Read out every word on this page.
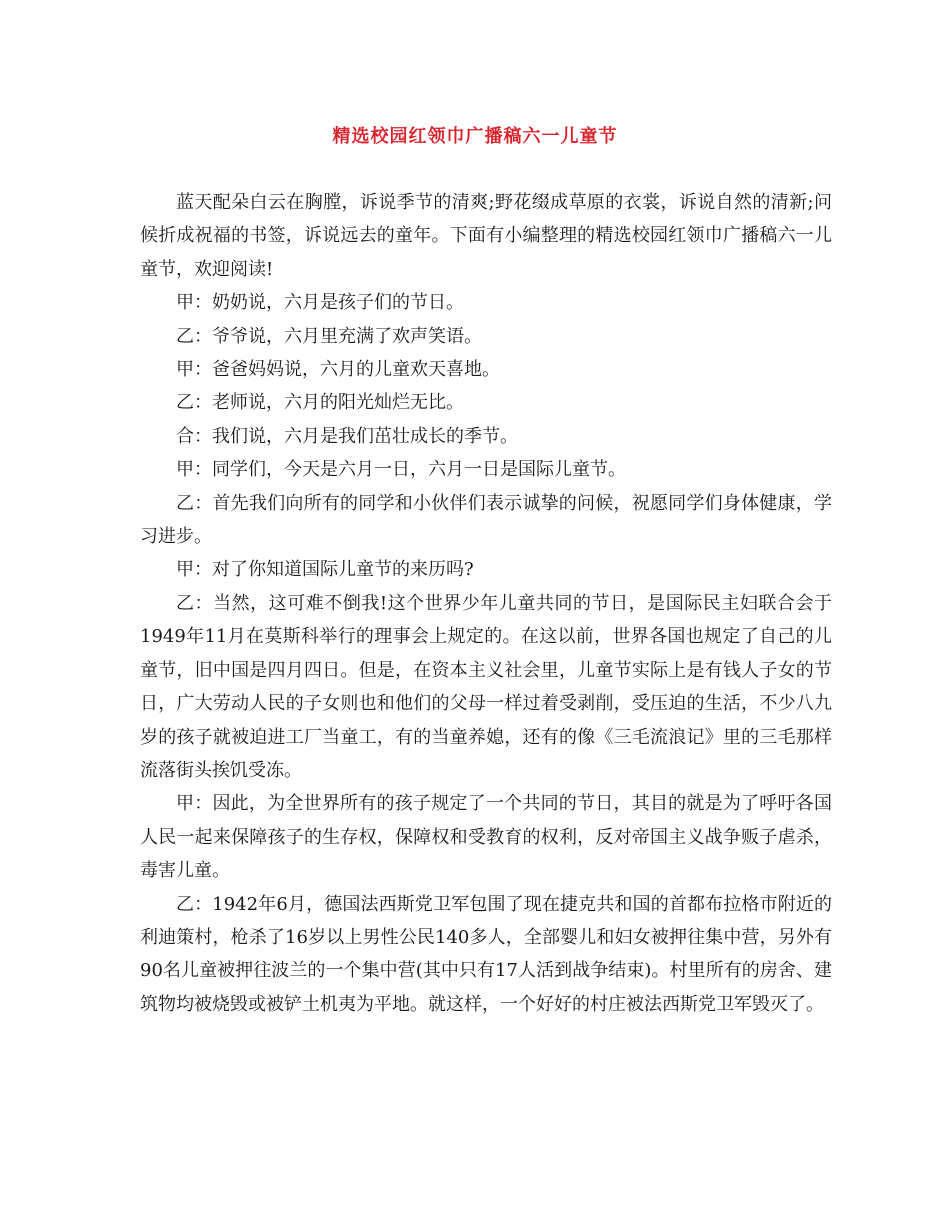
精选校园红领巾广播稿六一儿童节

蓝天配朵白云在胸膛，诉说季节的清爽;野花缀成草原的衣裳，诉说自然的清新;问候折成祝福的书签，诉说远去的童年。下面有小编整理的精选校园红领巾广播稿六一儿童节，欢迎阅读!

甲：奶奶说，六月是孩子们的节日。

乙：爷爷说，六月里充满了欢声笑语。

甲：爸爸妈妈说，六月的儿童欢天喜地。

乙：老师说，六月的阳光灿烂无比。

合：我们说，六月是我们茁壮成长的季节。

甲：同学们，今天是六月一日，六月一日是国际儿童节。

乙：首先我们向所有的同学和小伙伴们表示诚挚的问候，祝愿同学们身体健康，学习进步。

甲：对了你知道国际儿童节的来历吗?

乙：当然，这可难不倒我!这个世界少年儿童共同的节日，是国际民主妇联合会于1949年11月在莫斯科举行的理事会上规定的。在这以前，世界各国也规定了自己的儿童节，旧中国是四月四日。但是，在资本主义社会里，儿童节实际上是有钱人子女的节日，广大劳动人民的子女则也和他们的父母一样过着受剥削，受压迫的生活，不少八九岁的孩子就被迫进工厂当童工，有的当童养媳，还有的像《三毛流浪记》里的三毛那样流落街头挨饥受冻。

甲：因此，为全世界所有的孩子规定了一个共同的节日，其目的就是为了呼吁各国人民一起来保障孩子的生存权，保障权和受教育的权利，反对帝国主义战争贩子虐杀，毒害儿童。

乙：1942年6月，德国法西斯党卫军包围了现在捷克共和国的首都布拉格市附近的利迪策村，枪杀了16岁以上男性公民140多人，全部婴儿和妇女被押往集中营，另外有90名儿童被押往波兰的一个集中营(其中只有17人活到战争结束)。村里所有的房舍、建筑物均被烧毁或被铲土机夷为平地。就这样，一个好好的村庄被法西斯党卫军毁灭了。
